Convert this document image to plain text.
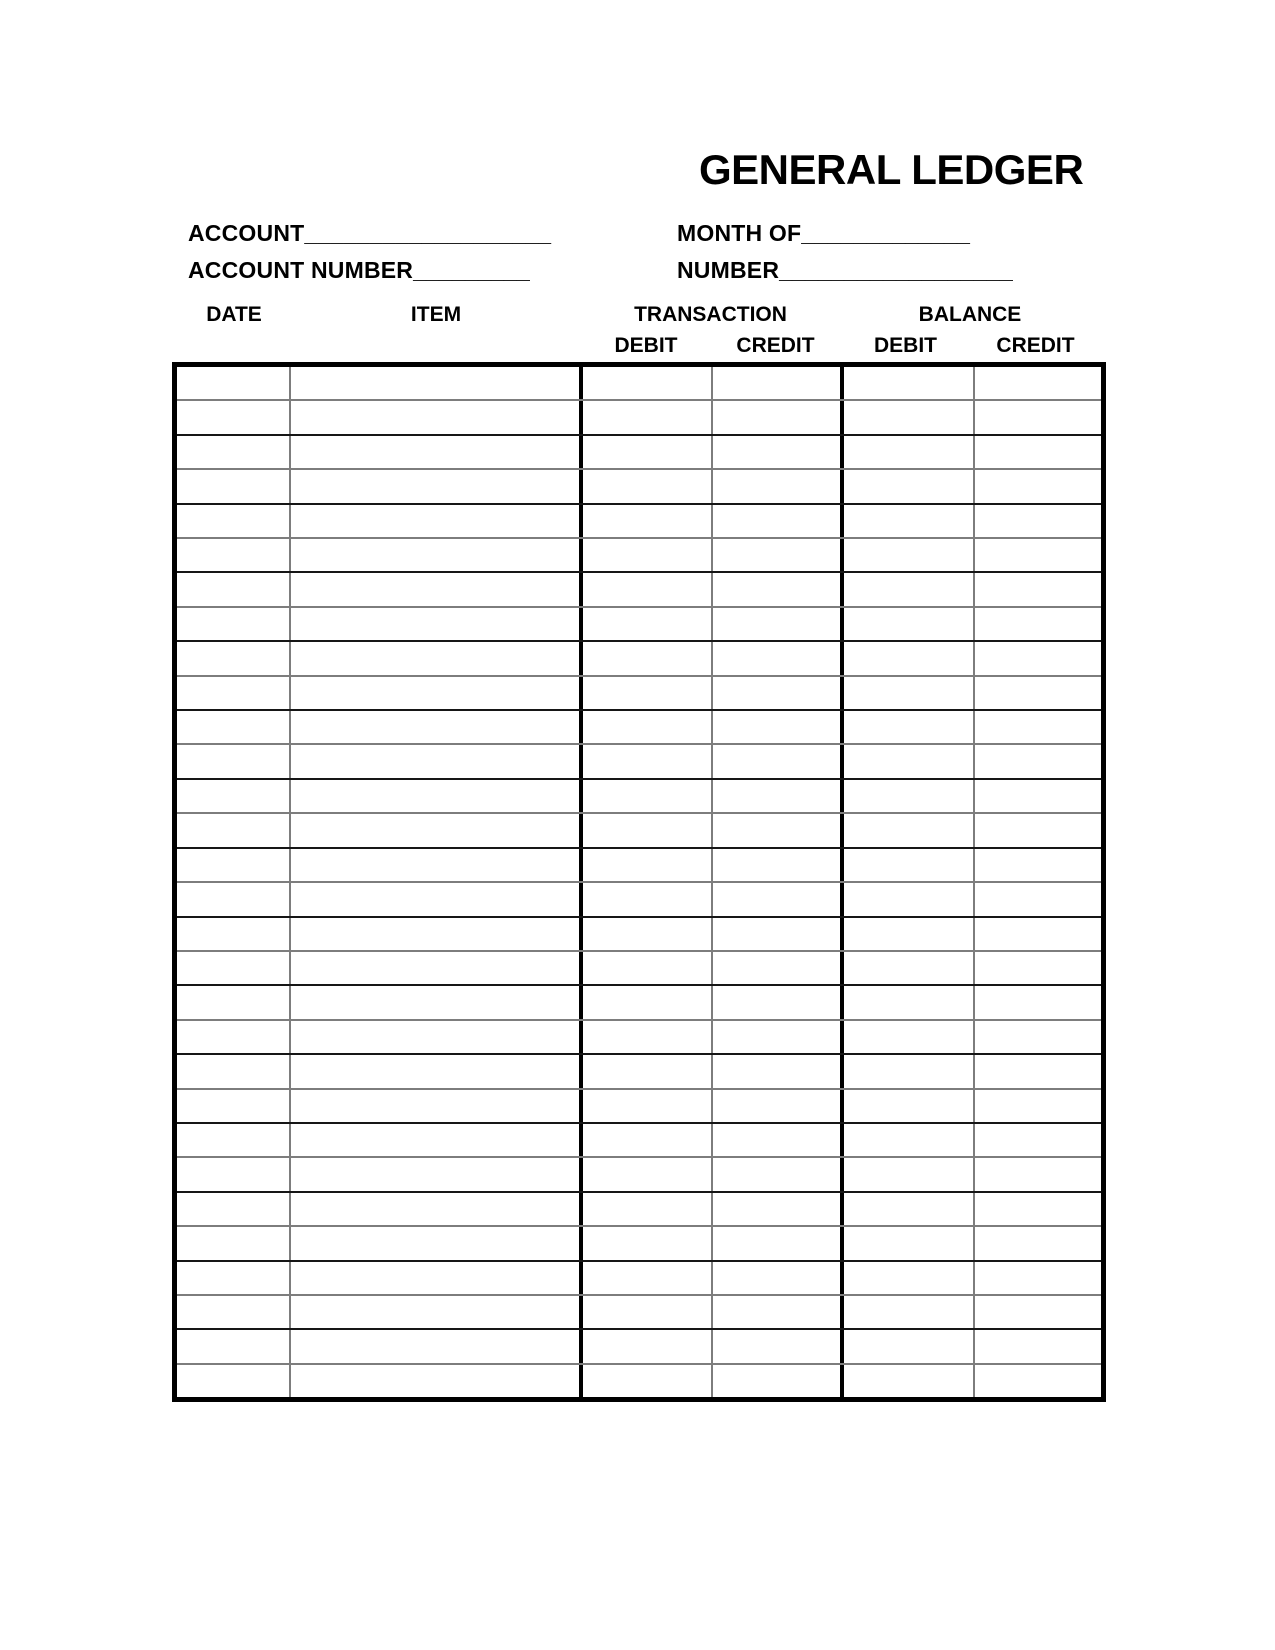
GENERAL LEDGER
ACCOUNT___________________
ACCOUNT NUMBER_________
MONTH OF_____________
NUMBER__________________
DATE	ITEM	TRANSACTION	BALANCE
DEBIT	CREDIT	DEBIT	CREDIT
